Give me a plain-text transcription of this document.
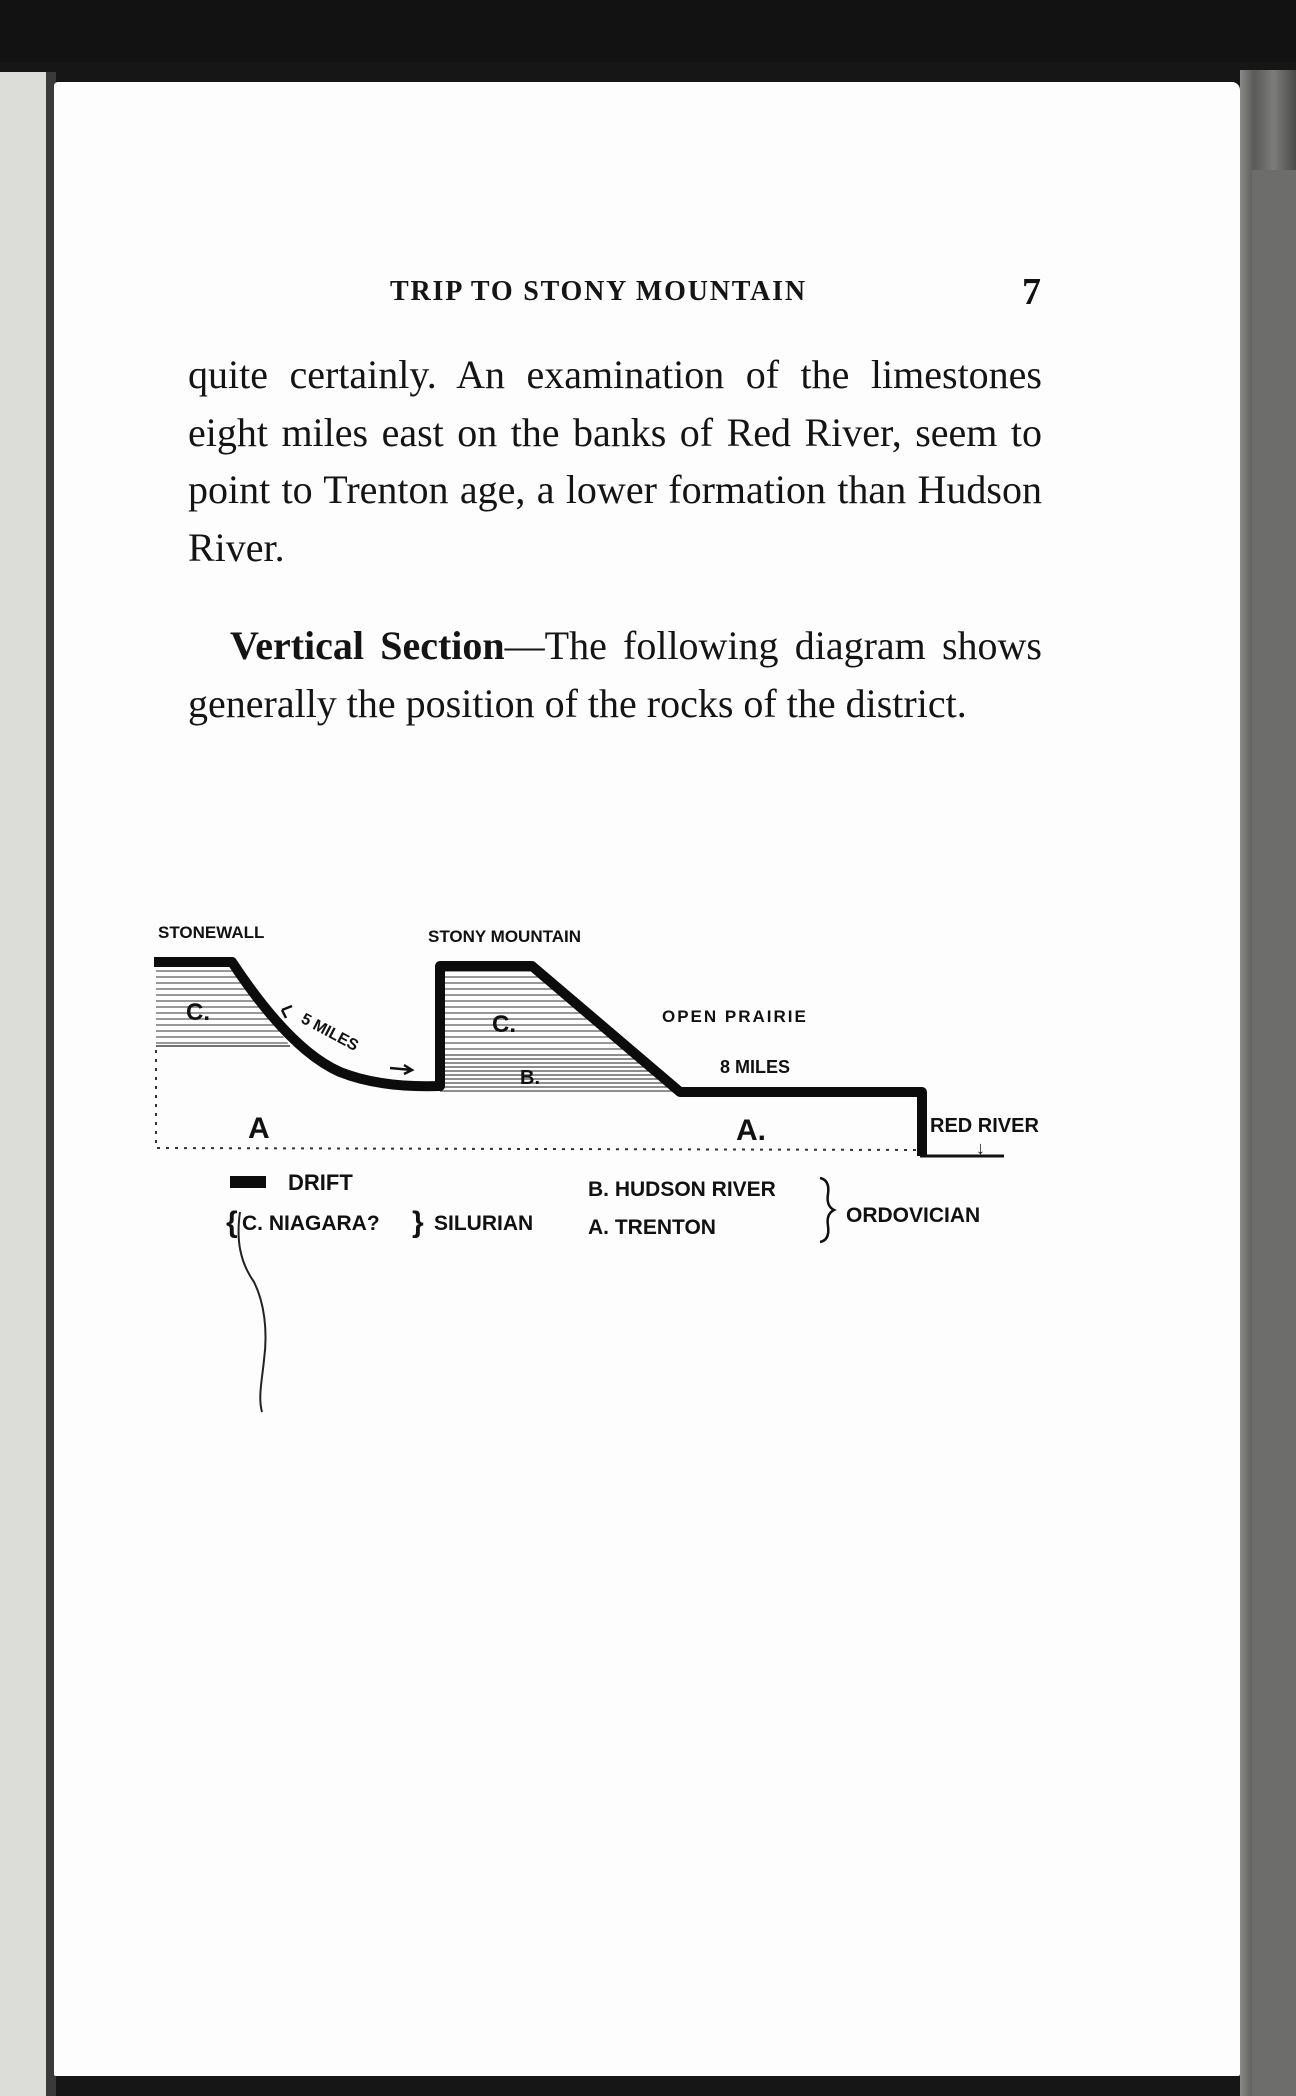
TRIP TO STONY MOUNTAIN	7

quite certainly. An examination of the limestones eight miles east on the banks of Red River, seem to point to Trenton age, a lower formation than Hudson River.

Vertical Section—The following diagram shows generally the position of the rocks of the district.

STONEWALL	STONY MOUNTAIN
OPEN PRAIRIE
8 MILES
5 MILES
RED RIVER
↓
C.	C.
B.
A	A.
DRIFT
{ C. NIAGARA? } SILURIAN
B. HUDSON RIVER
A. TRENTON
ORDOVICIAN
